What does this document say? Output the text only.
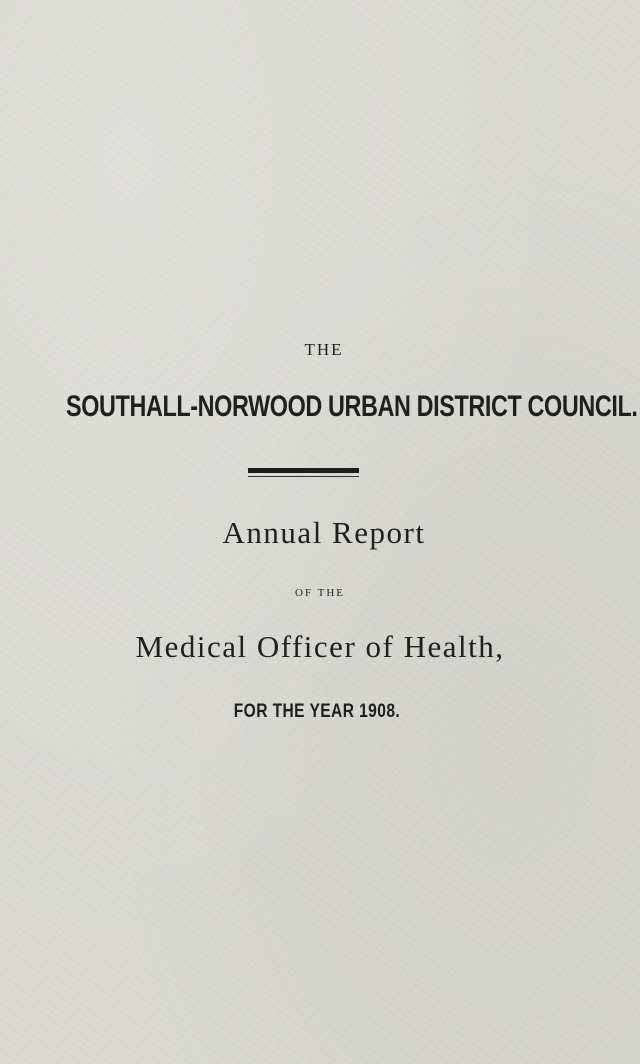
THE
SOUTHALL-NORWOOD URBAN DISTRICT COUNCIL.
Annual Report
OF THE
Medical Officer of Health,
FOR THE YEAR 1908.
